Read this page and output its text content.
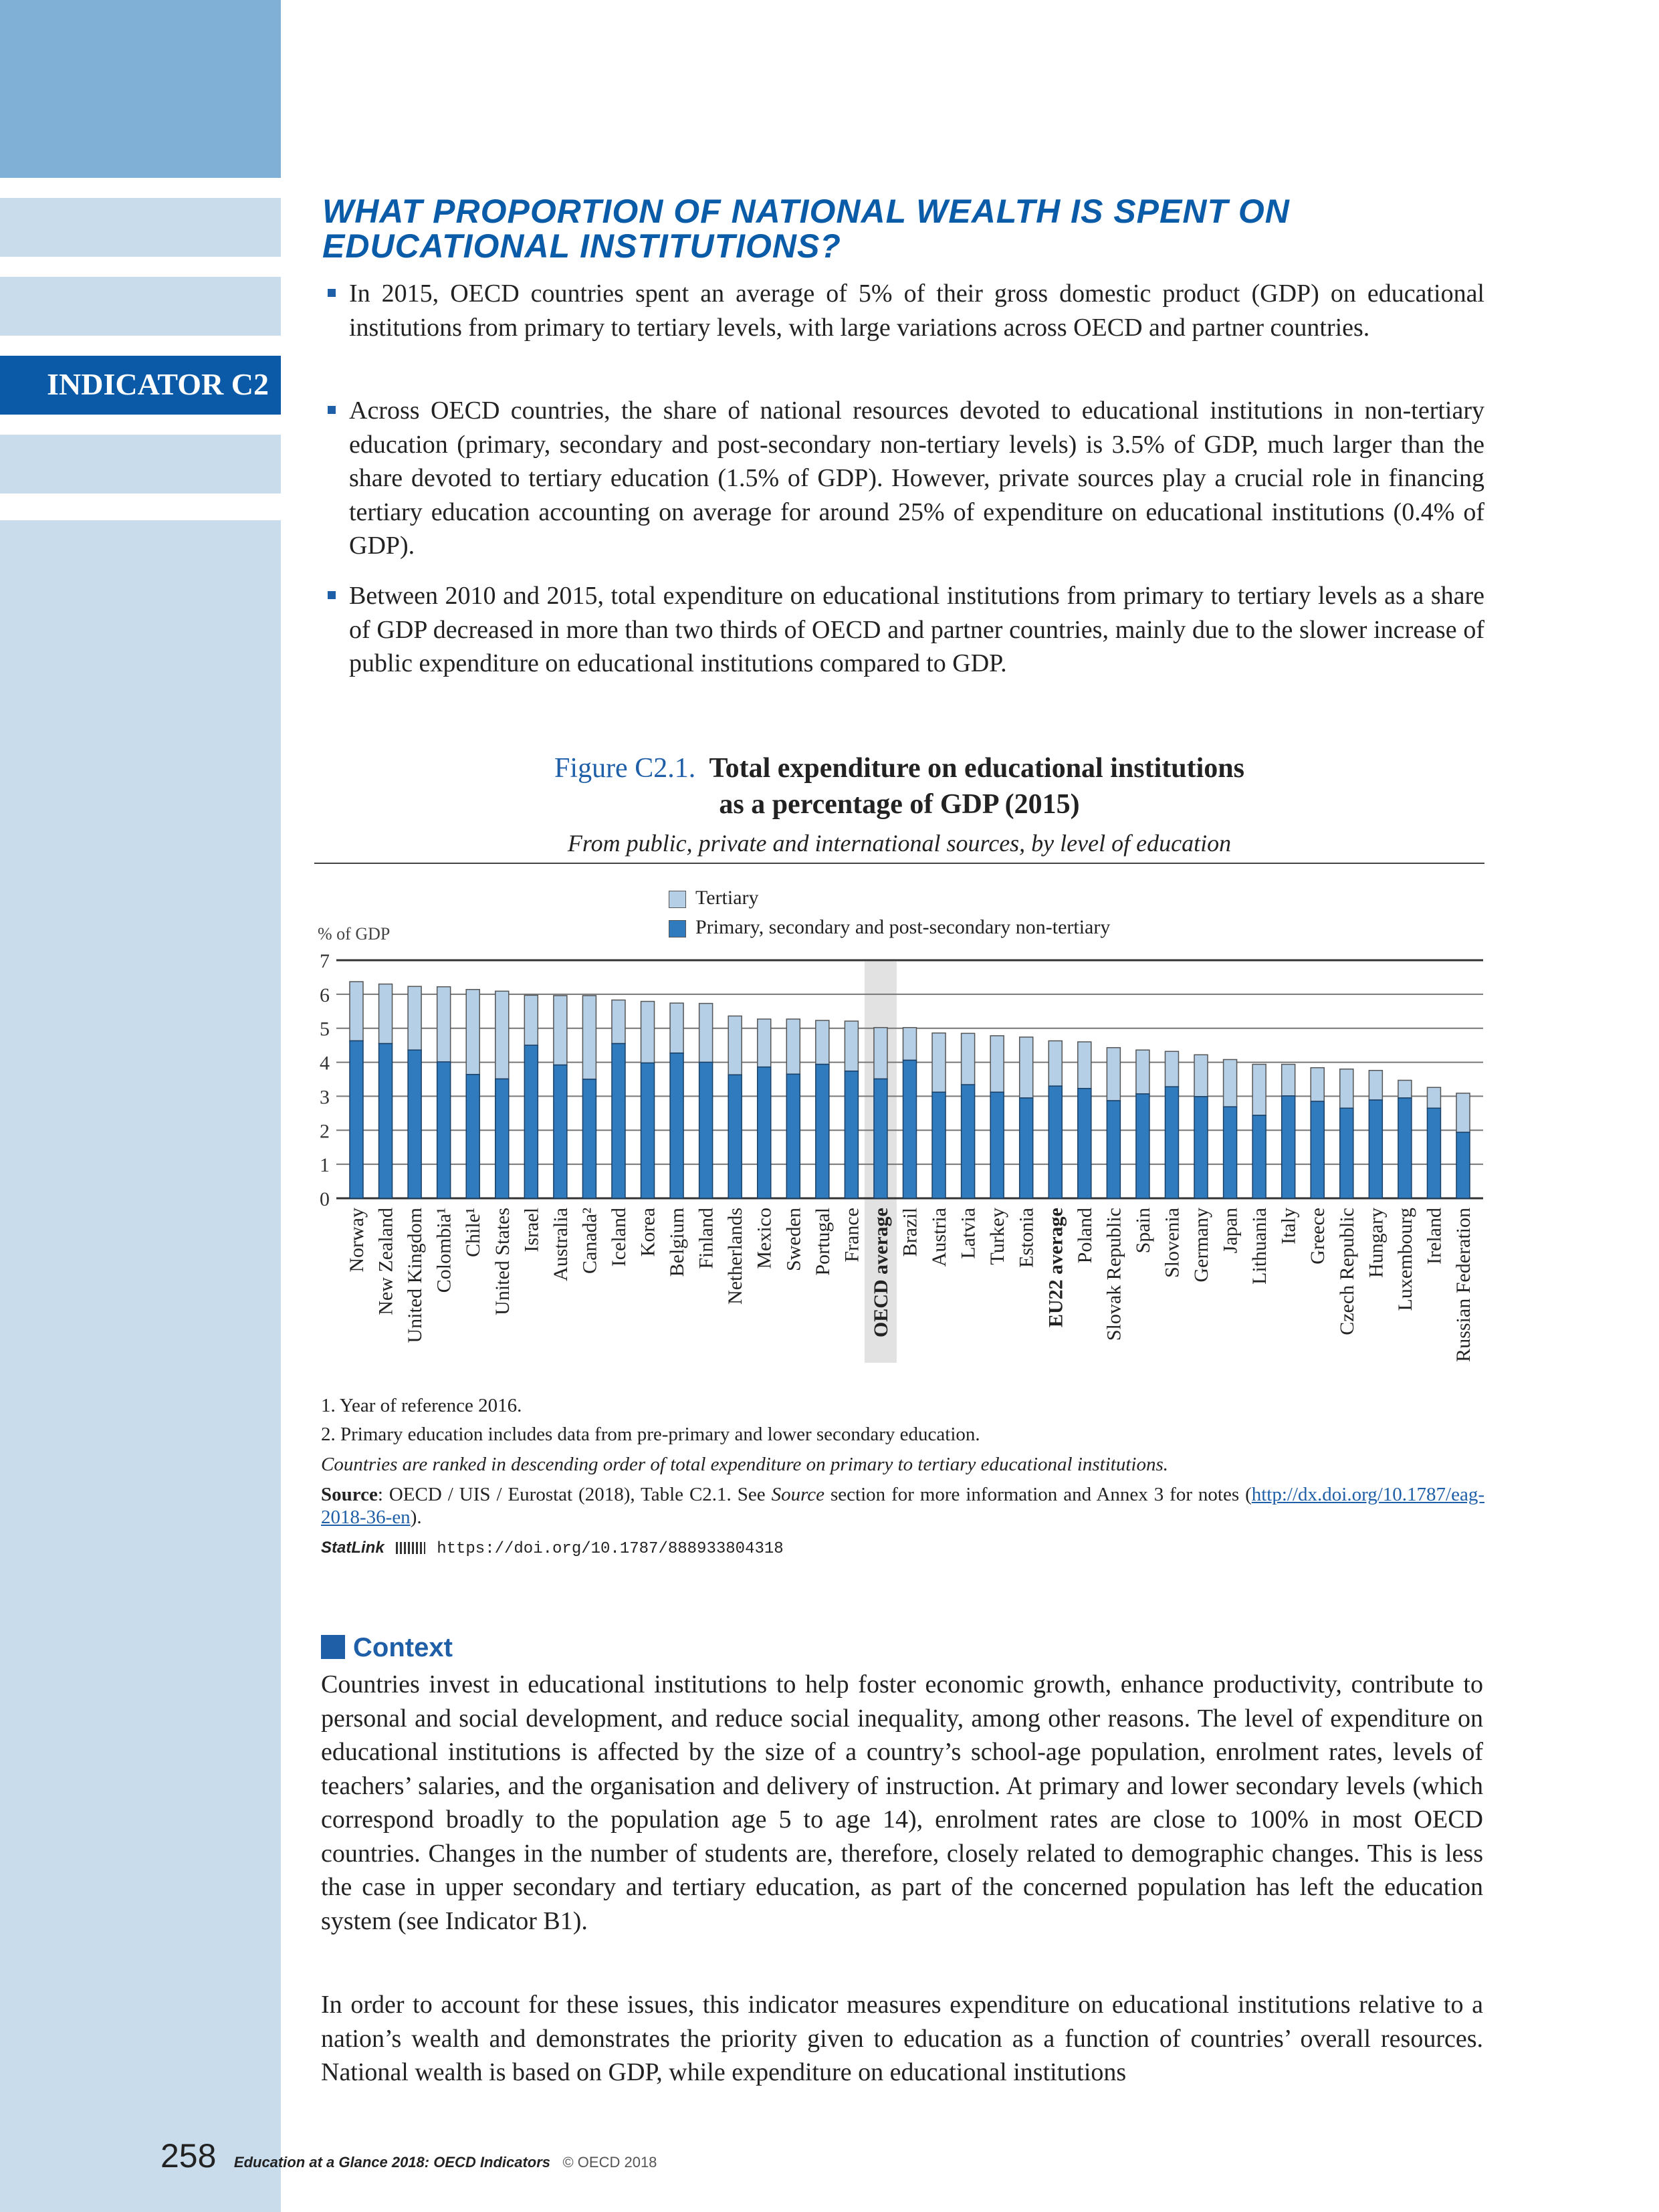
INDICATOR C2
WHAT PROPORTION OF NATIONAL WEALTH IS SPENT ON
EDUCATIONAL INSTITUTIONS?
In 2015, OECD countries spent an average of 5% of their gross domestic product (GDP) on educational institutions from primary to tertiary levels, with large variations across OECD and partner countries.
Across OECD countries, the share of national resources devoted to educational institutions in non-tertiary education (primary, secondary and post-secondary non-tertiary levels) is 3.5% of GDP, much larger than the share devoted to tertiary education (1.5% of GDP). However, private sources play a crucial role in financing tertiary education accounting on average for around 25% of expenditure on educational institutions (0.4% of GDP).
Between 2010 and 2015, total expenditure on educational institutions from primary to tertiary levels as a share of GDP decreased in more than two thirds of OECD and partner countries, mainly due to the slower increase of public expenditure on educational institutions compared to GDP.
Figure C2.1. Total expenditure on educational institutions
as a percentage of GDP (2015)
From public, private and international sources, by level of education
Tertiary
Primary, secondary and post-secondary non-tertiary
% of GDP
0
1
2
3
4
5
6
7
Norway New Zealand United Kingdom Colombia¹ Chile¹ United States Israel Australia Canada² Iceland Korea Belgium Finland Netherlands Mexico Sweden Portugal France OECD average Brazil Austria Latvia Turkey Estonia EU22 average Poland Slovak Republic Spain Slovenia Germany Japan Lithuania Italy Greece Czech Republic Hungary Luxembourg Ireland Russian Federation
1. Year of reference 2016.
2. Primary education includes data from pre-primary and lower secondary education.
Countries are ranked in descending order of total expenditure on primary to tertiary educational institutions.
Source: OECD / UIS / Eurostat (2018), Table C2.1. See Source section for more information and Annex 3 for notes (http://dx.doi.org/10.1787/eag-2018-36-en).
StatLink	https://doi.org/10.1787/888933804318
Context
Countries invest in educational institutions to help foster economic growth, enhance productivity, contribute to personal and social development, and reduce social inequality, among other reasons. The level of expenditure on educational institutions is affected by the size of a country’s school-age population, enrolment rates, levels of teachers’ salaries, and the organisation and delivery of instruction. At primary and lower secondary levels (which correspond broadly to the population age 5 to age 14), enrolment rates are close to 100% in most OECD countries. Changes in the number of students are, therefore, closely related to demographic changes. This is less the case in upper secondary and tertiary education, as part of the concerned population has left the education system (see Indicator B1).
In order to account for these issues, this indicator measures expenditure on educational institutions relative to a nation’s wealth and demonstrates the priority given to education as a function of countries’ overall resources. National wealth is based on GDP, while expenditure on educational institutions
258 Education at a Glance 2018: OECD Indicators © OECD 2018
